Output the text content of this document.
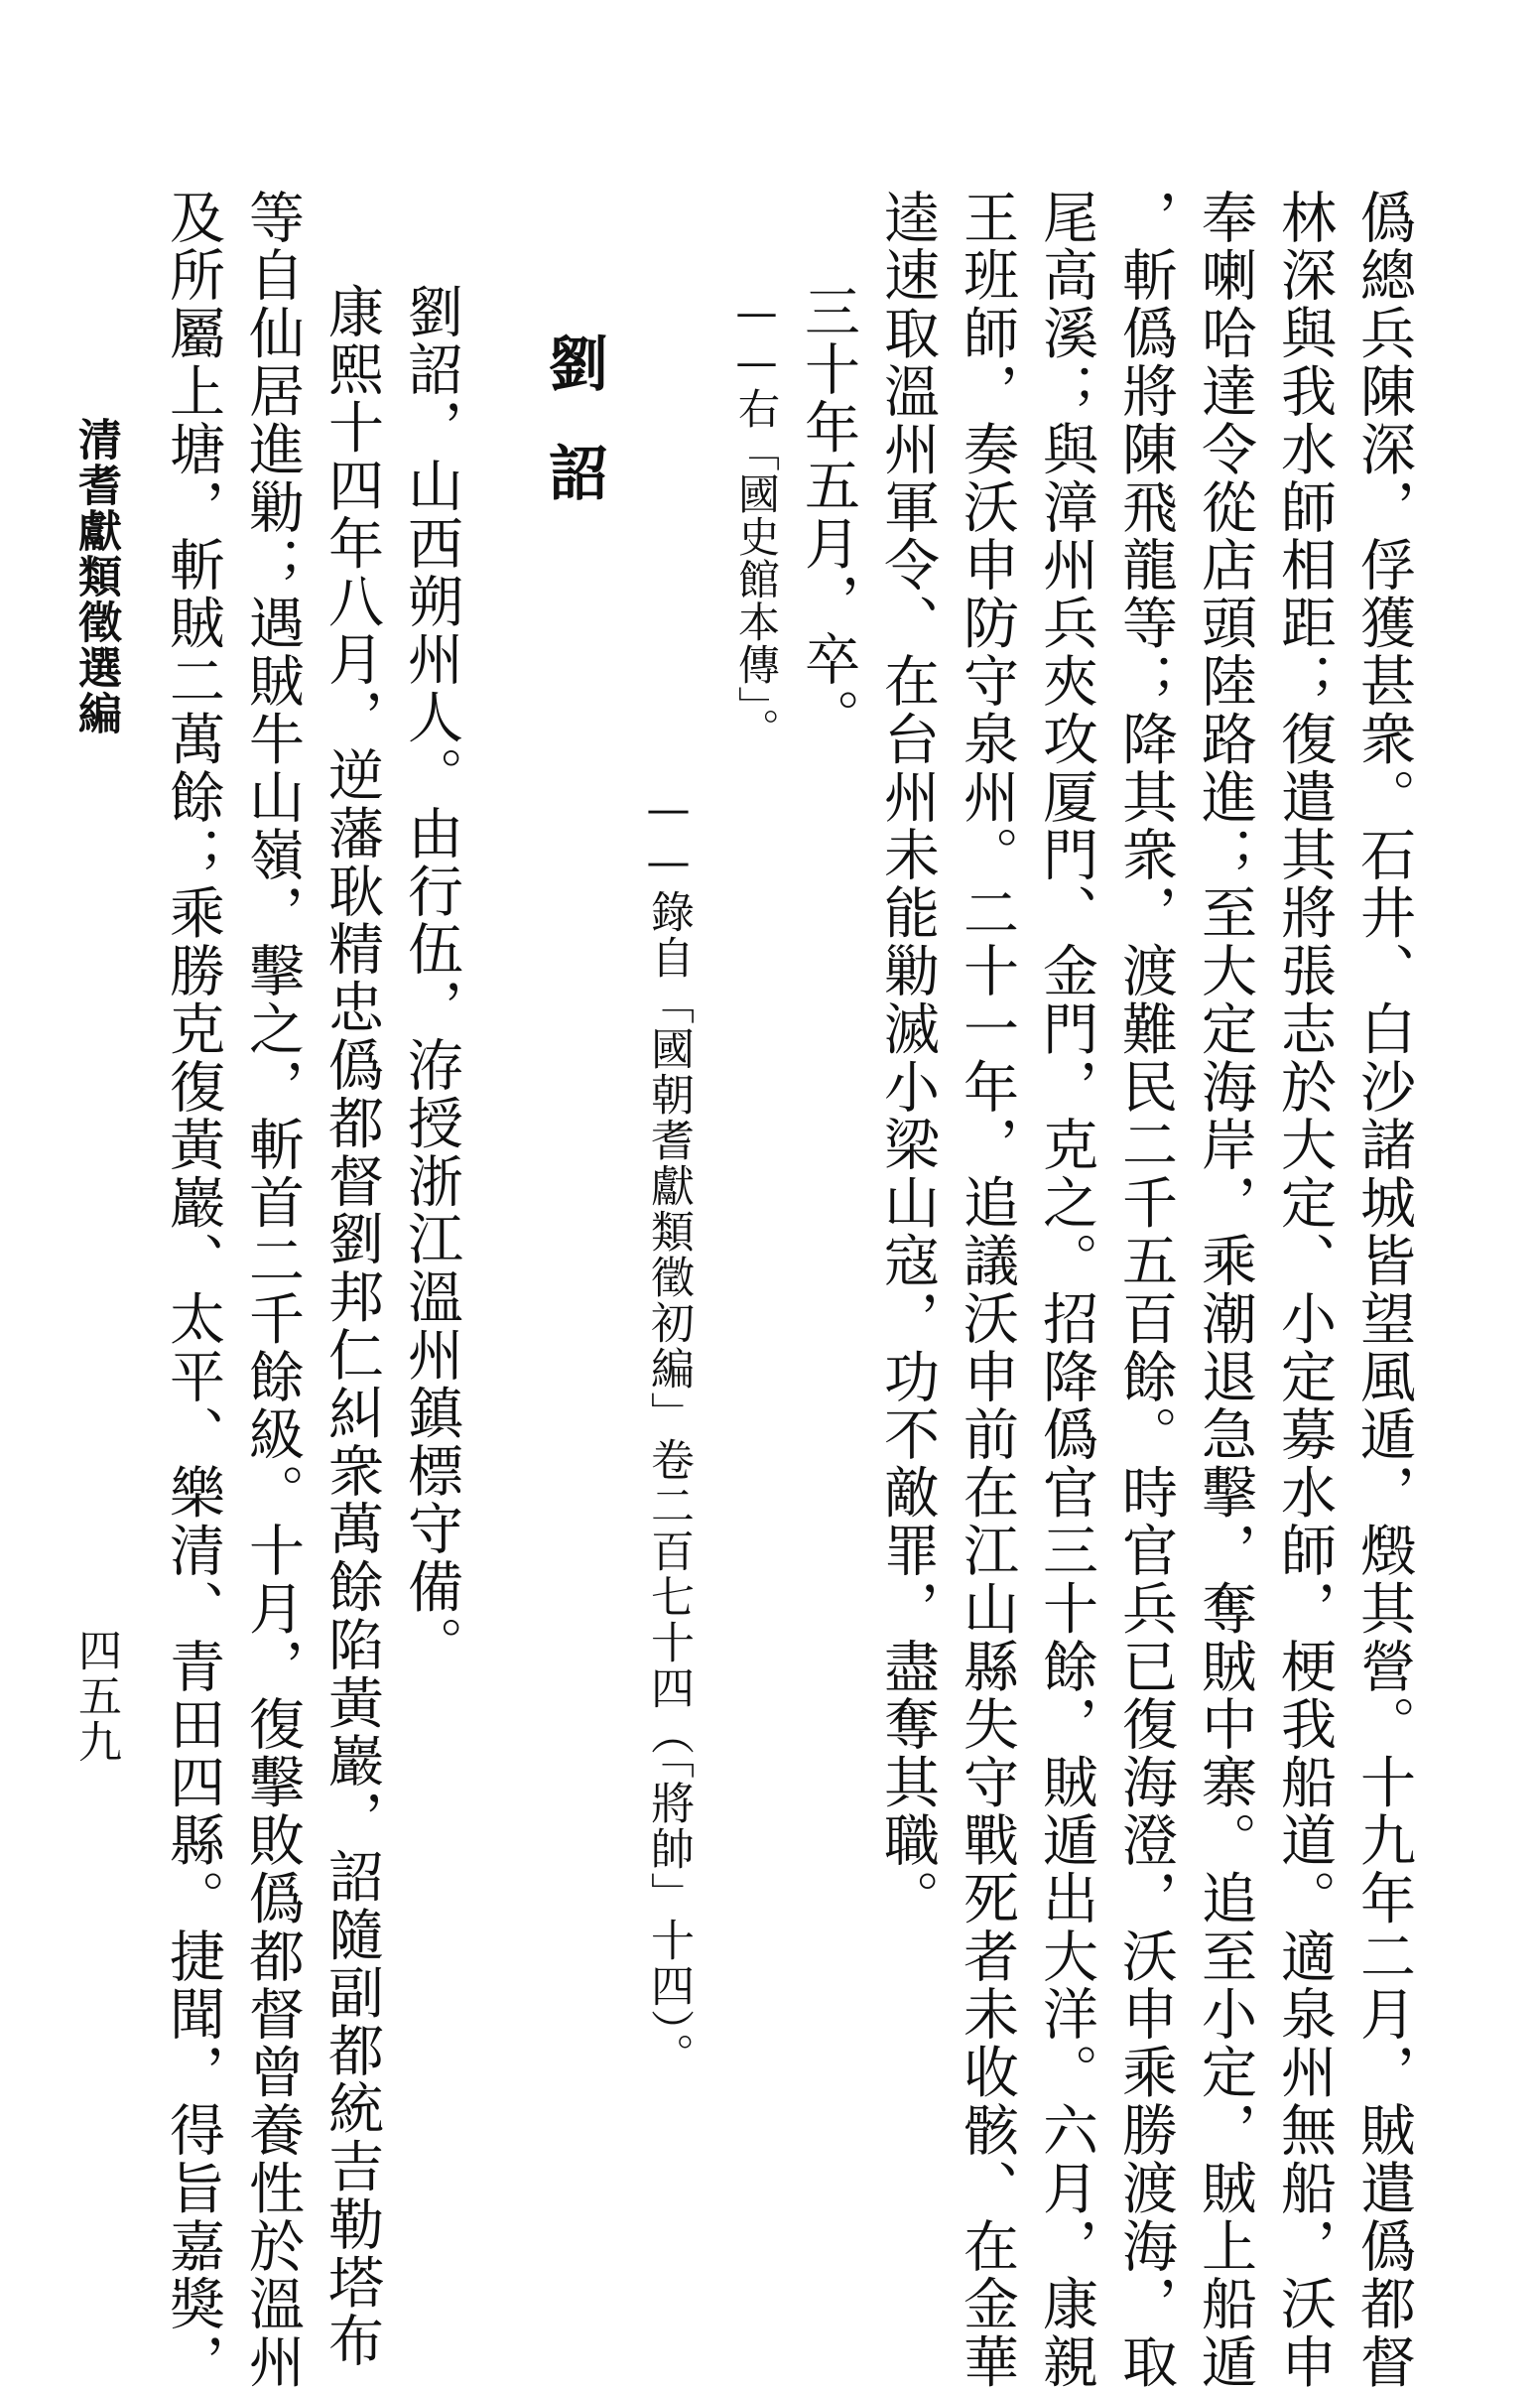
僞總兵陳深，俘獲甚衆。石井、白沙諸城皆望風遁，燬其營。十九年二月，賊遣僞都督

林深與我水師相距；復遣其將張志於大定、小定募水師，梗我船道。適泉州無船，沃申

奉喇哈達令從店頭陸路進；至大定海岸，乘潮退急擊，奪賊中寨。追至小定，賊上船遁

，斬僞將陳飛龍等；降其衆，渡難民二千五百餘。時官兵已復海澄，沃申乘勝渡海，取

尾高溪；與漳州兵夾攻厦門、金門，克之。招降僞官三十餘，賊遁出大洋。六月，康親

王班師，奏沃申防守泉州。二十一年，追議沃申前在江山縣失守戰死者未收骸、在金華

逵速取溫州軍令、在台州未能勦滅小梁山寇，功不敵罪，盡奪其職。

三十年五月，卒。

——右「國史館本傳」。

——錄自「國朝耆獻類徵初編」卷二百七十四（「將帥」十四）。

劉詔

劉詔，山西朔州人。由行伍，洊授浙江溫州鎮標守備。

康熙十四年八月，逆藩耿精忠僞都督劉邦仁糾衆萬餘陷黃巖，詔隨副都統吉勒塔布

等自仙居進勦；遇賊牛山嶺，擊之，斬首二千餘級。十月，復擊敗僞都督曾養性於溫州

及所屬上塘，斬賊二萬餘；乘勝克復黃巖、太平、樂清、青田四縣。捷聞，得旨嘉獎，

清耆獻類徵選編

四五九
